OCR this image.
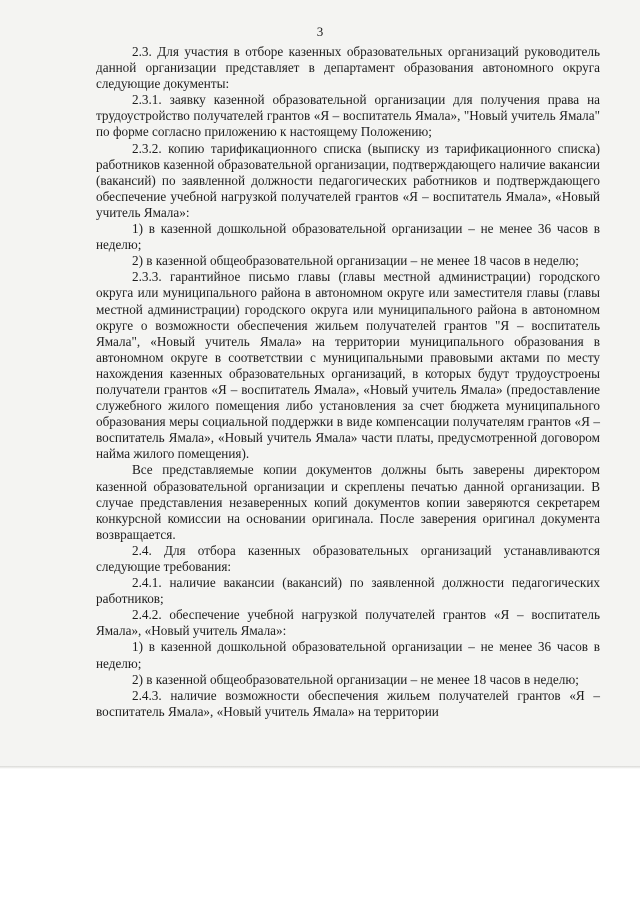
3

2.3. Для участия в отборе казенных образовательных организаций руководитель данной организации представляет в департамент образования автономного округа следующие документы:

2.3.1. заявку казенной образовательной организации для получения права на трудоустройство получателей грантов «Я – воспитатель Ямала», "Новый учитель Ямала" по форме согласно приложению к настоящему Положению;

2.3.2. копию тарификационного списка (выписку из тарификационного списка) работников казенной образовательной организации, подтверждающего наличие вакансии (вакансий) по заявленной должности педагогических работников и подтверждающего обеспечение учебной нагрузкой получателей грантов «Я – воспитатель Ямала», «Новый учитель Ямала»:

1) в казенной дошкольной образовательной организации – не менее 36 часов в неделю;

2) в казенной общеобразовательной организации – не менее 18 часов в неделю;

2.3.3. гарантийное письмо главы (главы местной администрации) городского округа или муниципального района в автономном округе или заместителя главы (главы местной администрации) городского округа или муниципального района в автономном округе о возможности обеспечения жильем получателей грантов "Я – воспитатель Ямала", «Новый учитель Ямала» на территории муниципального образования в автономном округе в соответствии с муниципальными правовыми актами по месту нахождения казенных образовательных организаций, в которых будут трудоустроены получатели грантов «Я – воспитатель Ямала», «Новый учитель Ямала» (предоставление служебного жилого помещения либо установления за счет бюджета муниципального образования меры социальной поддержки в виде компенсации получателям грантов «Я – воспитатель Ямала», «Новый учитель Ямала» части платы, предусмотренной договором найма жилого помещения).

Все представляемые копии документов должны быть заверены директором казенной образовательной организации и скреплены печатью данной организации. В случае представления незаверенных копий документов копии заверяются секретарем конкурсной комиссии на основании оригинала. После заверения оригинал документа возвращается.

2.4. Для отбора казенных образовательных организаций устанавливаются следующие требования:

2.4.1. наличие вакансии (вакансий) по заявленной должности педагогических работников;

2.4.2. обеспечение учебной нагрузкой получателей грантов «Я – воспитатель Ямала», «Новый учитель Ямала»:

1) в казенной дошкольной образовательной организации – не менее 36 часов в неделю;

2) в казенной общеобразовательной организации – не менее 18 часов в неделю;

2.4.3. наличие возможности обеспечения жильем получателей грантов «Я – воспитатель Ямала», «Новый учитель Ямала» на территории
